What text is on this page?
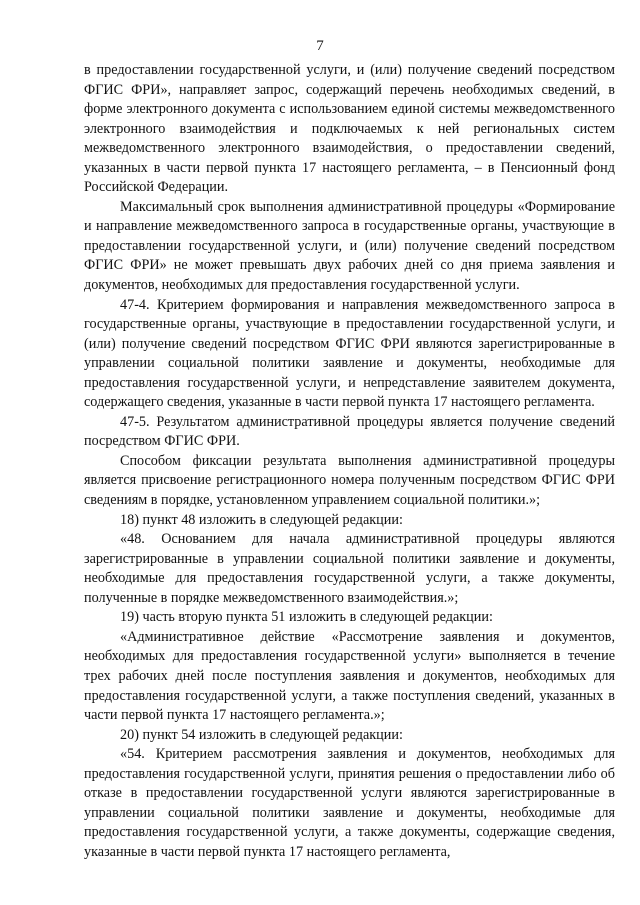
7

в предоставлении государственной услуги, и (или) получение сведений посредством ФГИС ФРИ», направляет запрос, содержащий перечень необходимых сведений, в форме электронного документа с использованием единой системы межведомственного электронного взаимодействия и подключаемых к ней региональных систем межведомственного электронного взаимодействия, о предоставлении сведений, указанных в части первой пункта 17 настоящего регламента, – в Пенсионный фонд Российской Федерации.

Максимальный срок выполнения административной процедуры «Формирование и направление межведомственного запроса в государственные органы, участвующие в предоставлении государственной услуги, и (или) получение сведений посредством ФГИС ФРИ» не может превышать двух рабочих дней со дня приема заявления и документов, необходимых для предоставления государственной услуги.

47-4. Критерием формирования и направления межведомственного запроса в государственные органы, участвующие в предоставлении государственной услуги, и (или) получение сведений посредством ФГИС ФРИ являются зарегистрированные в управлении социальной политики заявление и документы, необходимые для предоставления государственной услуги, и непредставление заявителем документа, содержащего сведения, указанные в части первой пункта 17 настоящего регламента.

47-5. Результатом административной процедуры является получение сведений посредством ФГИС ФРИ.

Способом фиксации результата выполнения административной процедуры является присвоение регистрационного номера полученным посредством ФГИС ФРИ сведениям в порядке, установленном управлением социальной политики.»;

18) пункт 48 изложить в следующей редакции:

«48. Основанием для начала административной процедуры являются зарегистрированные в управлении социальной политики заявление и документы, необходимые для предоставления государственной услуги, а также документы, полученные в порядке межведомственного взаимодействия.»;

19) часть вторую пункта 51 изложить в следующей редакции:

«Административное действие «Рассмотрение заявления и документов, необходимых для предоставления государственной услуги» выполняется в течение трех рабочих дней после поступления заявления и документов, необходимых для предоставления государственной услуги, а также поступления сведений, указанных в части первой пункта 17 настоящего регламента.»;

20) пункт 54 изложить в следующей редакции:

«54. Критерием рассмотрения заявления и документов, необходимых для предоставления государственной услуги, принятия решения о предоставлении либо об отказе в предоставлении государственной услуги являются зарегистрированные в управлении социальной политики заявление и документы, необходимые для предоставления государственной услуги, а также документы, содержащие сведения, указанные в части первой пункта 17 настоящего регламента,
